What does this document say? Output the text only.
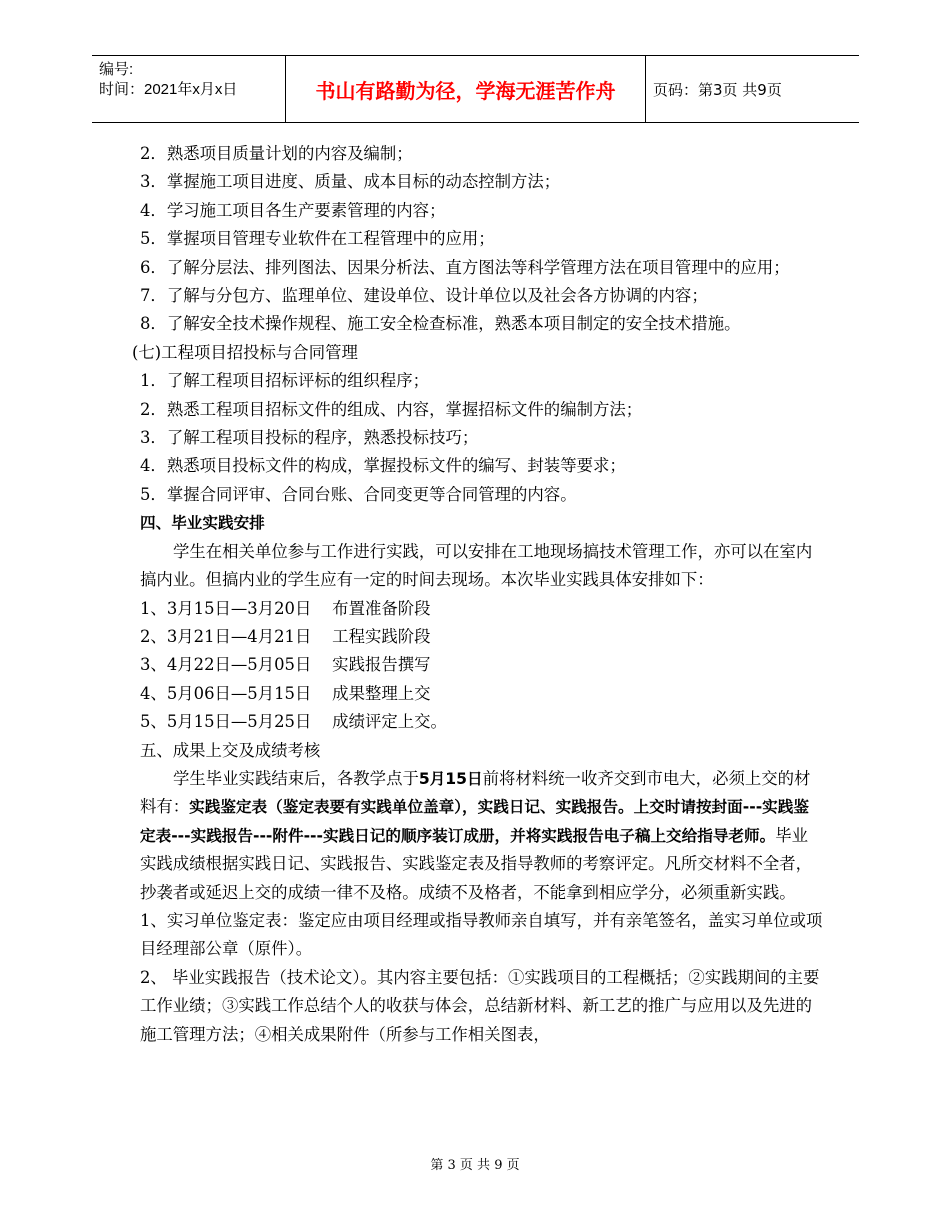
编号:
时间：2021年x月x日	书山有路勤为径，学海无涯苦作舟	页码：第3页 共9页

2．熟悉项目质量计划的内容及编制；

3．掌握施工项目进度、质量、成本目标的动态控制方法；

4．学习施工项目各生产要素管理的内容；

5．掌握项目管理专业软件在工程管理中的应用；

6．了解分层法、排列图法、因果分析法、直方图法等科学管理方法在项目管理中的应用；

7．了解与分包方、监理单位、建设单位、设计单位以及社会各方协调的内容；

8．了解安全技术操作规程、施工安全检查标准，熟悉本项目制定的安全技术措施。

(七)工程项目招投标与合同管理

1．了解工程项目招标评标的组织程序；

2．熟悉工程项目招标文件的组成、内容，掌握招标文件的编制方法；

3．了解工程项目投标的程序，熟悉投标技巧；

4．熟悉项目投标文件的构成，掌握投标文件的编写、封装等要求；

5．掌握合同评审、合同台账、合同变更等合同管理的内容。

四、毕业实践安排

学生在相关单位参与工作进行实践，可以安排在工地现场搞技术管理工作，亦可以在室内搞内业。但搞内业的学生应有一定的时间去现场。本次毕业实践具体安排如下：

1、3月15日—3月20日    布置准备阶段

2、3月21日—4月21日    工程实践阶段

3、4月22日—5月05日    实践报告撰写

4、5月06日—5月15日    成果整理上交

5、5月15日—5月25日    成绩评定上交。

五、成果上交及成绩考核

学生毕业实践结束后，各教学点于5月15日前将材料统一收齐交到市电大，必须上交的材料有：实践鉴定表（鉴定表要有实践单位盖章），实践日记、实践报告。上交时请按封面---实践鉴定表---实践报告---附件---实践日记的顺序装订成册，并将实践报告电子稿上交给指导老师。毕业实践成绩根据实践日记、实践报告、实践鉴定表及指导教师的考察评定。凡所交材料不全者，抄袭者或延迟上交的成绩一律不及格。成绩不及格者，不能拿到相应学分，必须重新实践。

1、实习单位鉴定表：鉴定应由项目经理或指导教师亲自填写，并有亲笔签名，盖实习单位或项目经理部公章（原件）。

2、 毕业实践报告（技术论文）。其内容主要包括：①实践项目的工程概括；②实践期间的主要工作业绩；③实践工作总结个人的收获与体会，总结新材料、新工艺的推广与应用以及先进的施工管理方法；④相关成果附件（所参与工作相关图表，

第 3 页 共 9 页
